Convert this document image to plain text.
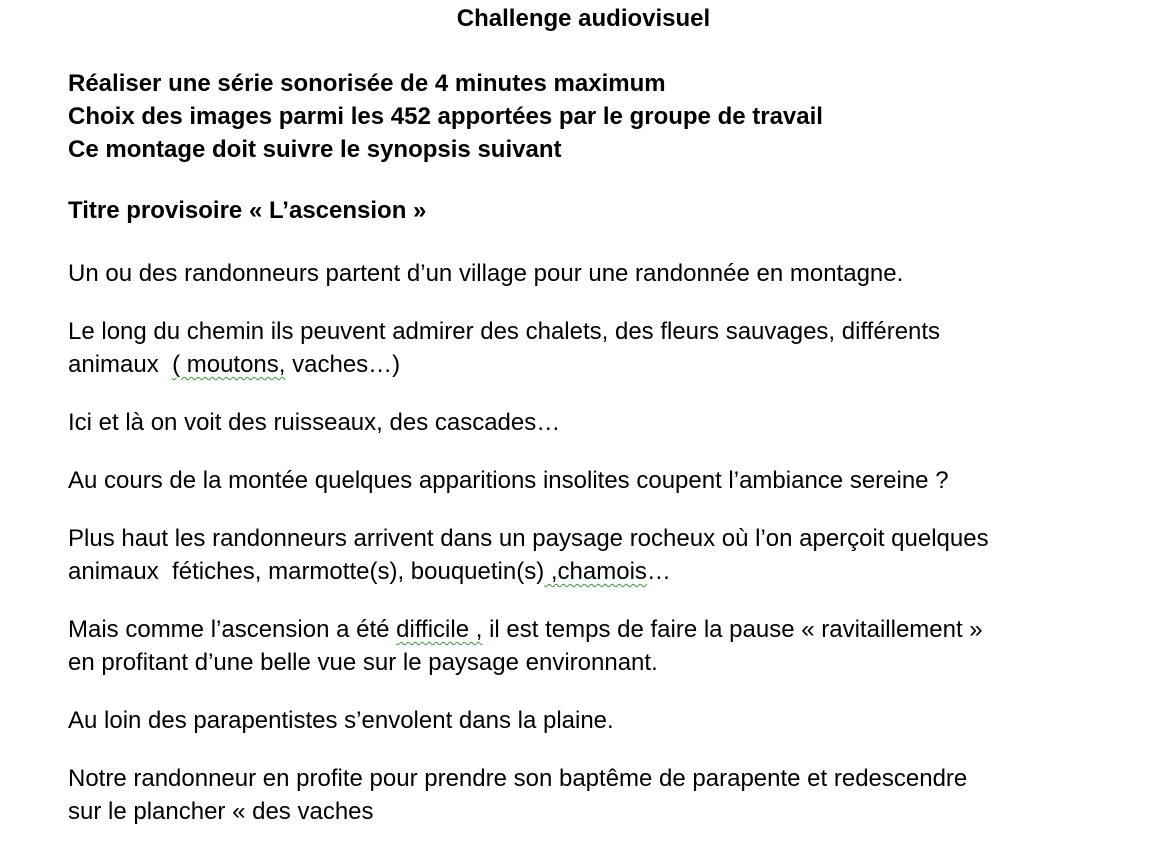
Challenge audiovisuel
Réaliser une série sonorisée de 4 minutes maximum
Choix des images parmi les 452 apportées par le groupe de travail
Ce montage doit suivre le synopsis suivant
Titre provisoire « L’ascension »

Un ou des randonneurs partent d’un village pour une randonnée en montagne.

Le long du chemin ils peuvent admirer des chalets, des fleurs sauvages, différents
animaux  ( moutons, vaches…)

Ici et là on voit des ruisseaux, des cascades…

Au cours de la montée quelques apparitions insolites coupent l’ambiance sereine ?

Plus haut les randonneurs arrivent dans un paysage rocheux où l’on aperçoit quelques
animaux  fétiches, marmotte(s), bouquetin(s) ,chamois…

Mais comme l’ascension a été difficile , il est temps de faire la pause « ravitaillement »
en profitant d’une belle vue sur le paysage environnant.

Au loin des parapentistes s’envolent dans la plaine.

Notre randonneur en profite pour prendre son baptême de parapente et redescendre
sur le plancher « des vaches
